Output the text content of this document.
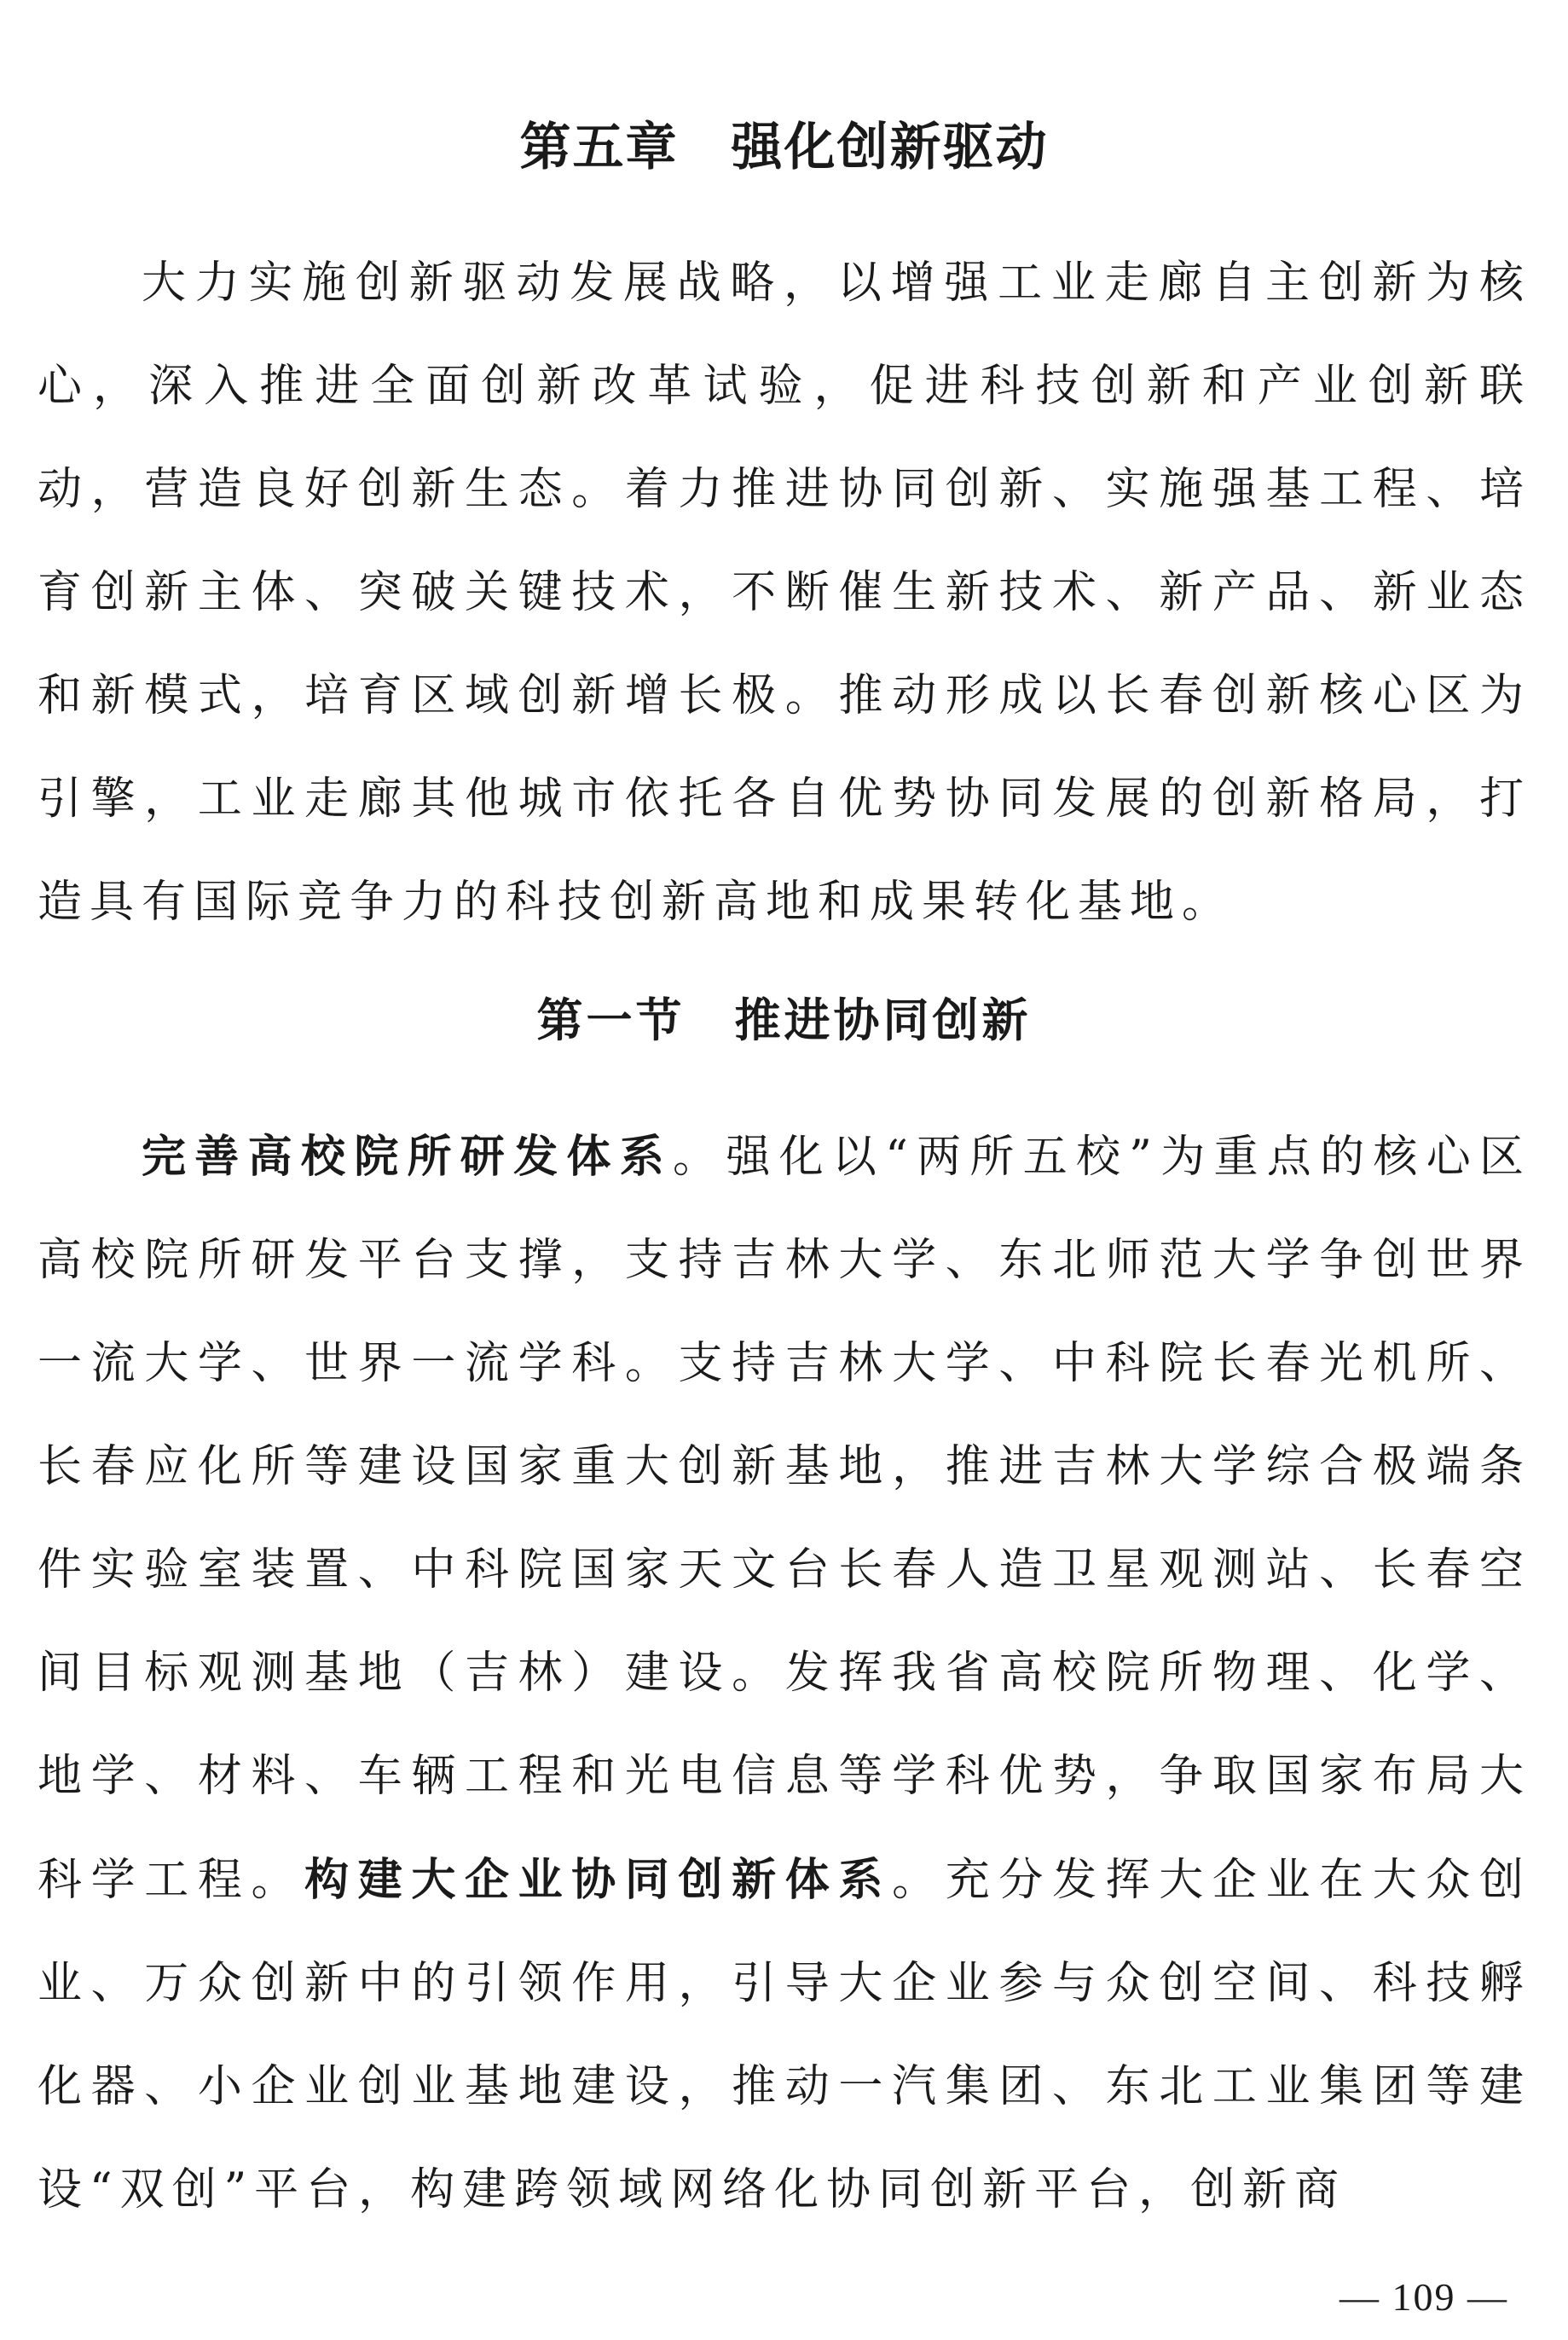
第五章　强化创新驱动

大力实施创新驱动发展战略，以增强工业走廊自主创新为核心，深入推进全面创新改革试验，促进科技创新和产业创新联动，营造良好创新生态。着力推进协同创新、实施强基工程、培育创新主体、突破关键技术，不断催生新技术、新产品、新业态和新模式，培育区域创新增长极。推动形成以长春创新核心区为引擎，工业走廊其他城市依托各自优势协同发展的创新格局，打造具有国际竞争力的科技创新高地和成果转化基地。

第一节　推进协同创新

完善高校院所研发体系。强化以“两所五校”为重点的核心区高校院所研发平台支撑，支持吉林大学、东北师范大学争创世界一流大学、世界一流学科。支持吉林大学、中科院长春光机所、长春应化所等建设国家重大创新基地，推进吉林大学综合极端条件实验室装置、中科院国家天文台长春人造卫星观测站、长春空间目标观测基地（吉林）建设。发挥我省高校院所物理、化学、地学、材料、车辆工程和光电信息等学科优势，争取国家布局大科学工程。构建大企业协同创新体系。充分发挥大企业在大众创业、万众创新中的引领作用，引导大企业参与众创空间、科技孵化器、小企业创业基地建设，推动一汽集团、东北工业集团等建设“双创”平台，构建跨领域网络化协同创新平台，创新商

— 109 —
